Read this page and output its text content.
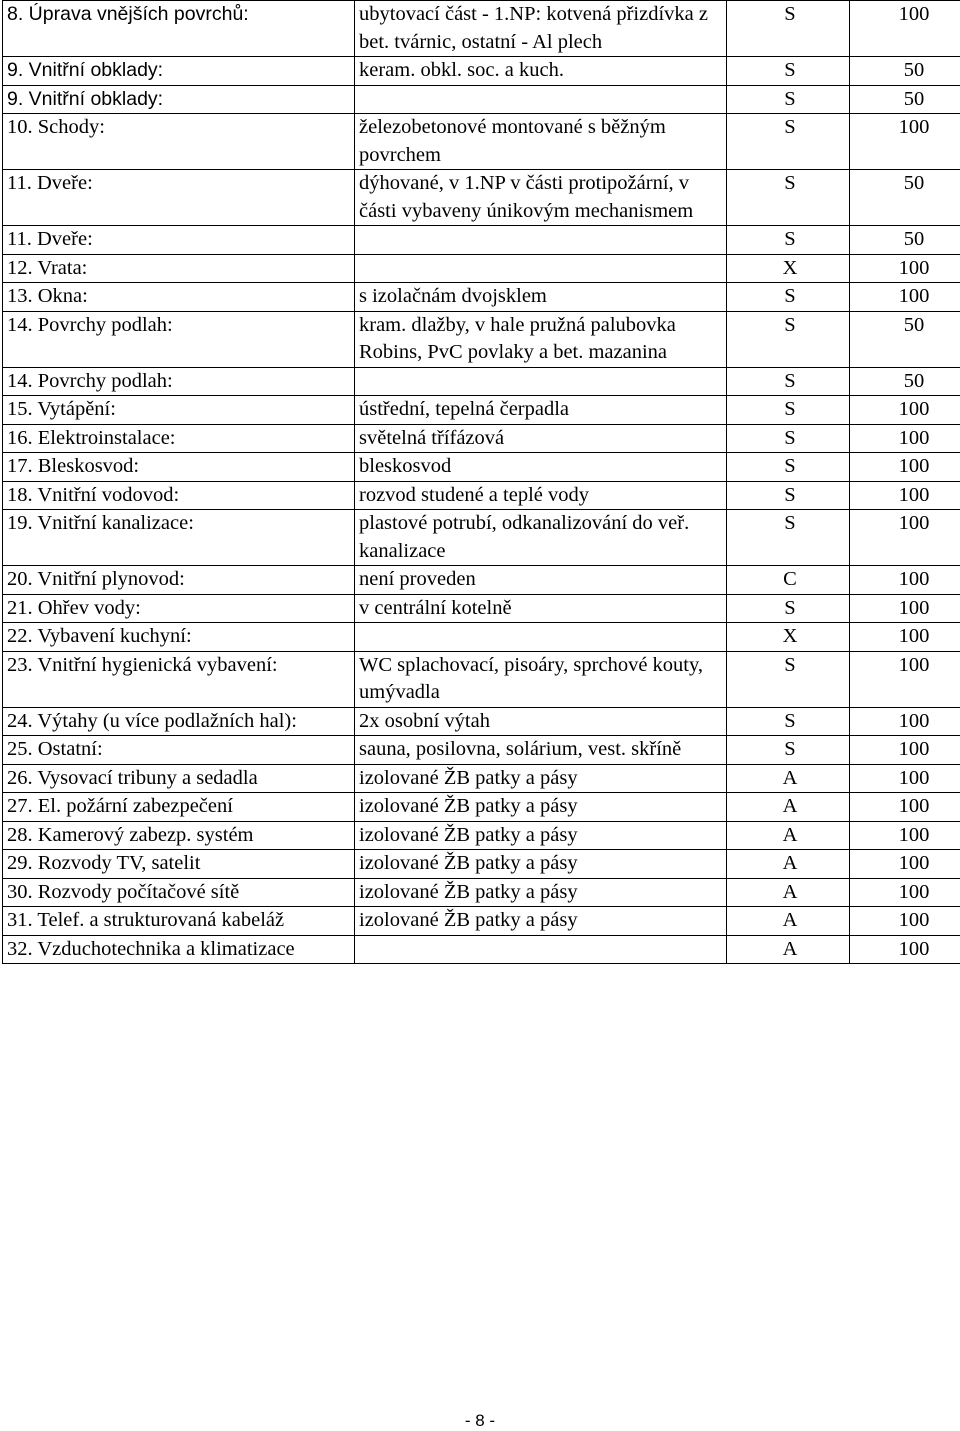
8. Úprava vnějších povrchů:	ubytovací část - 1.NP: kotvená přizdívka z bet. tvárnic, ostatní - Al plech	S	100
9. Vnitřní obklady:	keram. obkl. soc. a kuch.	S	50
9. Vnitřní obklady:		S	50
10. Schody:	železobetonové montované s běžným povrchem	S	100
11. Dveře:	dýhované, v 1.NP v části protipožární, v části vybaveny únikovým mechanismem	S	50
11. Dveře:		S	50
12. Vrata:		X	100
13. Okna:	s izolačnám dvojsklem	S	100
14. Povrchy podlah:	kram. dlažby, v hale pružná palubovka Robins, PvC povlaky a bet. mazanina	S	50
14. Povrchy podlah:		S	50
15. Vytápění:	ústřední, tepelná čerpadla	S	100
16. Elektroinstalace:	světelná třífázová	S	100
17. Bleskosvod:	bleskosvod	S	100
18. Vnitřní vodovod:	rozvod studené a teplé vody	S	100
19. Vnitřní kanalizace:	plastové potrubí, odkanalizování do veř. kanalizace	S	100
20. Vnitřní plynovod:	není proveden	C	100
21. Ohřev vody:	v centrální kotelně	S	100
22. Vybavení kuchyní:		X	100
23. Vnitřní hygienická vybavení:	WC splachovací, pisoáry, sprchové kouty, umývadla	S	100
24. Výtahy (u více podlažních hal):	2x osobní výtah	S	100
25. Ostatní:	sauna, posilovna, solárium, vest. skříně	S	100
26. Vysovací tribuny a sedadla	izolované ŽB patky a pásy	A	100
27. El. požární zabezpečení	izolované ŽB patky a pásy	A	100
28. Kamerový zabezp. systém	izolované ŽB patky a pásy	A	100
29. Rozvody TV, satelit	izolované ŽB patky a pásy	A	100
30. Rozvody počítačové sítě	izolované ŽB patky a pásy	A	100
31. Telef. a strukturovaná kabeláž	izolované ŽB patky a pásy	A	100
32. Vzduchotechnika a klimatizace		A	100
- 8 -
